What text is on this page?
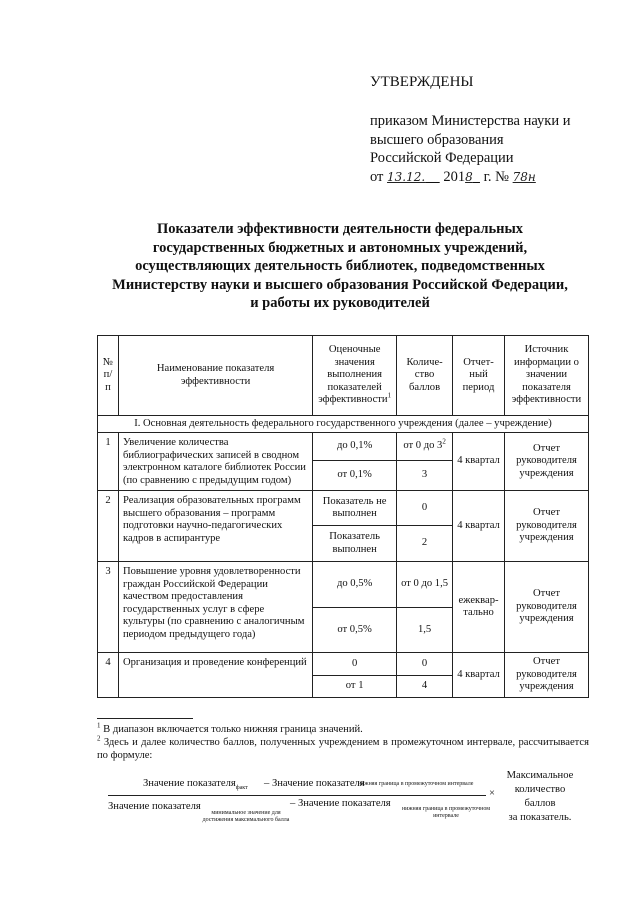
УТВЕРЖДЕНЫ
приказом Министерства науки и
высшего образования
Российской Федерации
от 13.12. 2018 г. № 78н
Показатели эффективности деятельности федеральных
государственных бюджетных и автономных учреждений,
осуществляющих деятельность библиотек, подведомственных
Министерству науки и высшего образования Российской Федерации,
и работы их руководителей
№ п/п	Наименование показателя эффективности	Оценочные значения выполнения показателей эффективности$^1$	Количе-ство баллов	Отчет-ный период	Источник информации о значении показателя эффективности
I. Основная деятельность федерального государственного учреждения (далее – учреждение)					
1	Увеличение количества библиографических записей в сводном электронном каталоге библиотек России (по сравнению с предыдущим годом)	до 0,1%	от 0 до $3^2$	4 квартал	Отчет руководителя учреждения
		от 0,1%	3		
2	Реализация образовательных программ высшего образования – программ подготовки научно-педагогических кадров в аспирантуре	Показатель не выполнен	0	4 квартал	Отчет руководителя учреждения
		Показатель выполнен	2		
3	Повышение уровня удовлетворенности граждан Российской Федерации качеством предоставления государственных услуг в сфере культуры (по сравнению с аналогичным периодом предыдущего года)	до 0,5%	от 0 до 1,5	ежеквар-тально	Отчет руководителя учреждения
		от 0,5%	1,5		
4	Организация и проведение конференций	0	0	4 квартал	Отчет руководителя учреждения
		от 1	4		
$^1$ В диапазон включается только нижняя граница значений.
$^2$ Здесь и далее количество баллов, полученных учреждением в промежуточном интервале, рассчитывается по формуле:
Значение показателя$_{факт}$ – Значение показателя
нижняя граница в промежуточном интервале
×
Значение показателя
минимальное значение для достижения максимального балла
– Значение показателя	нижняя граница в промежуточном интервале
Максимальное
количество
баллов
за показатель.
